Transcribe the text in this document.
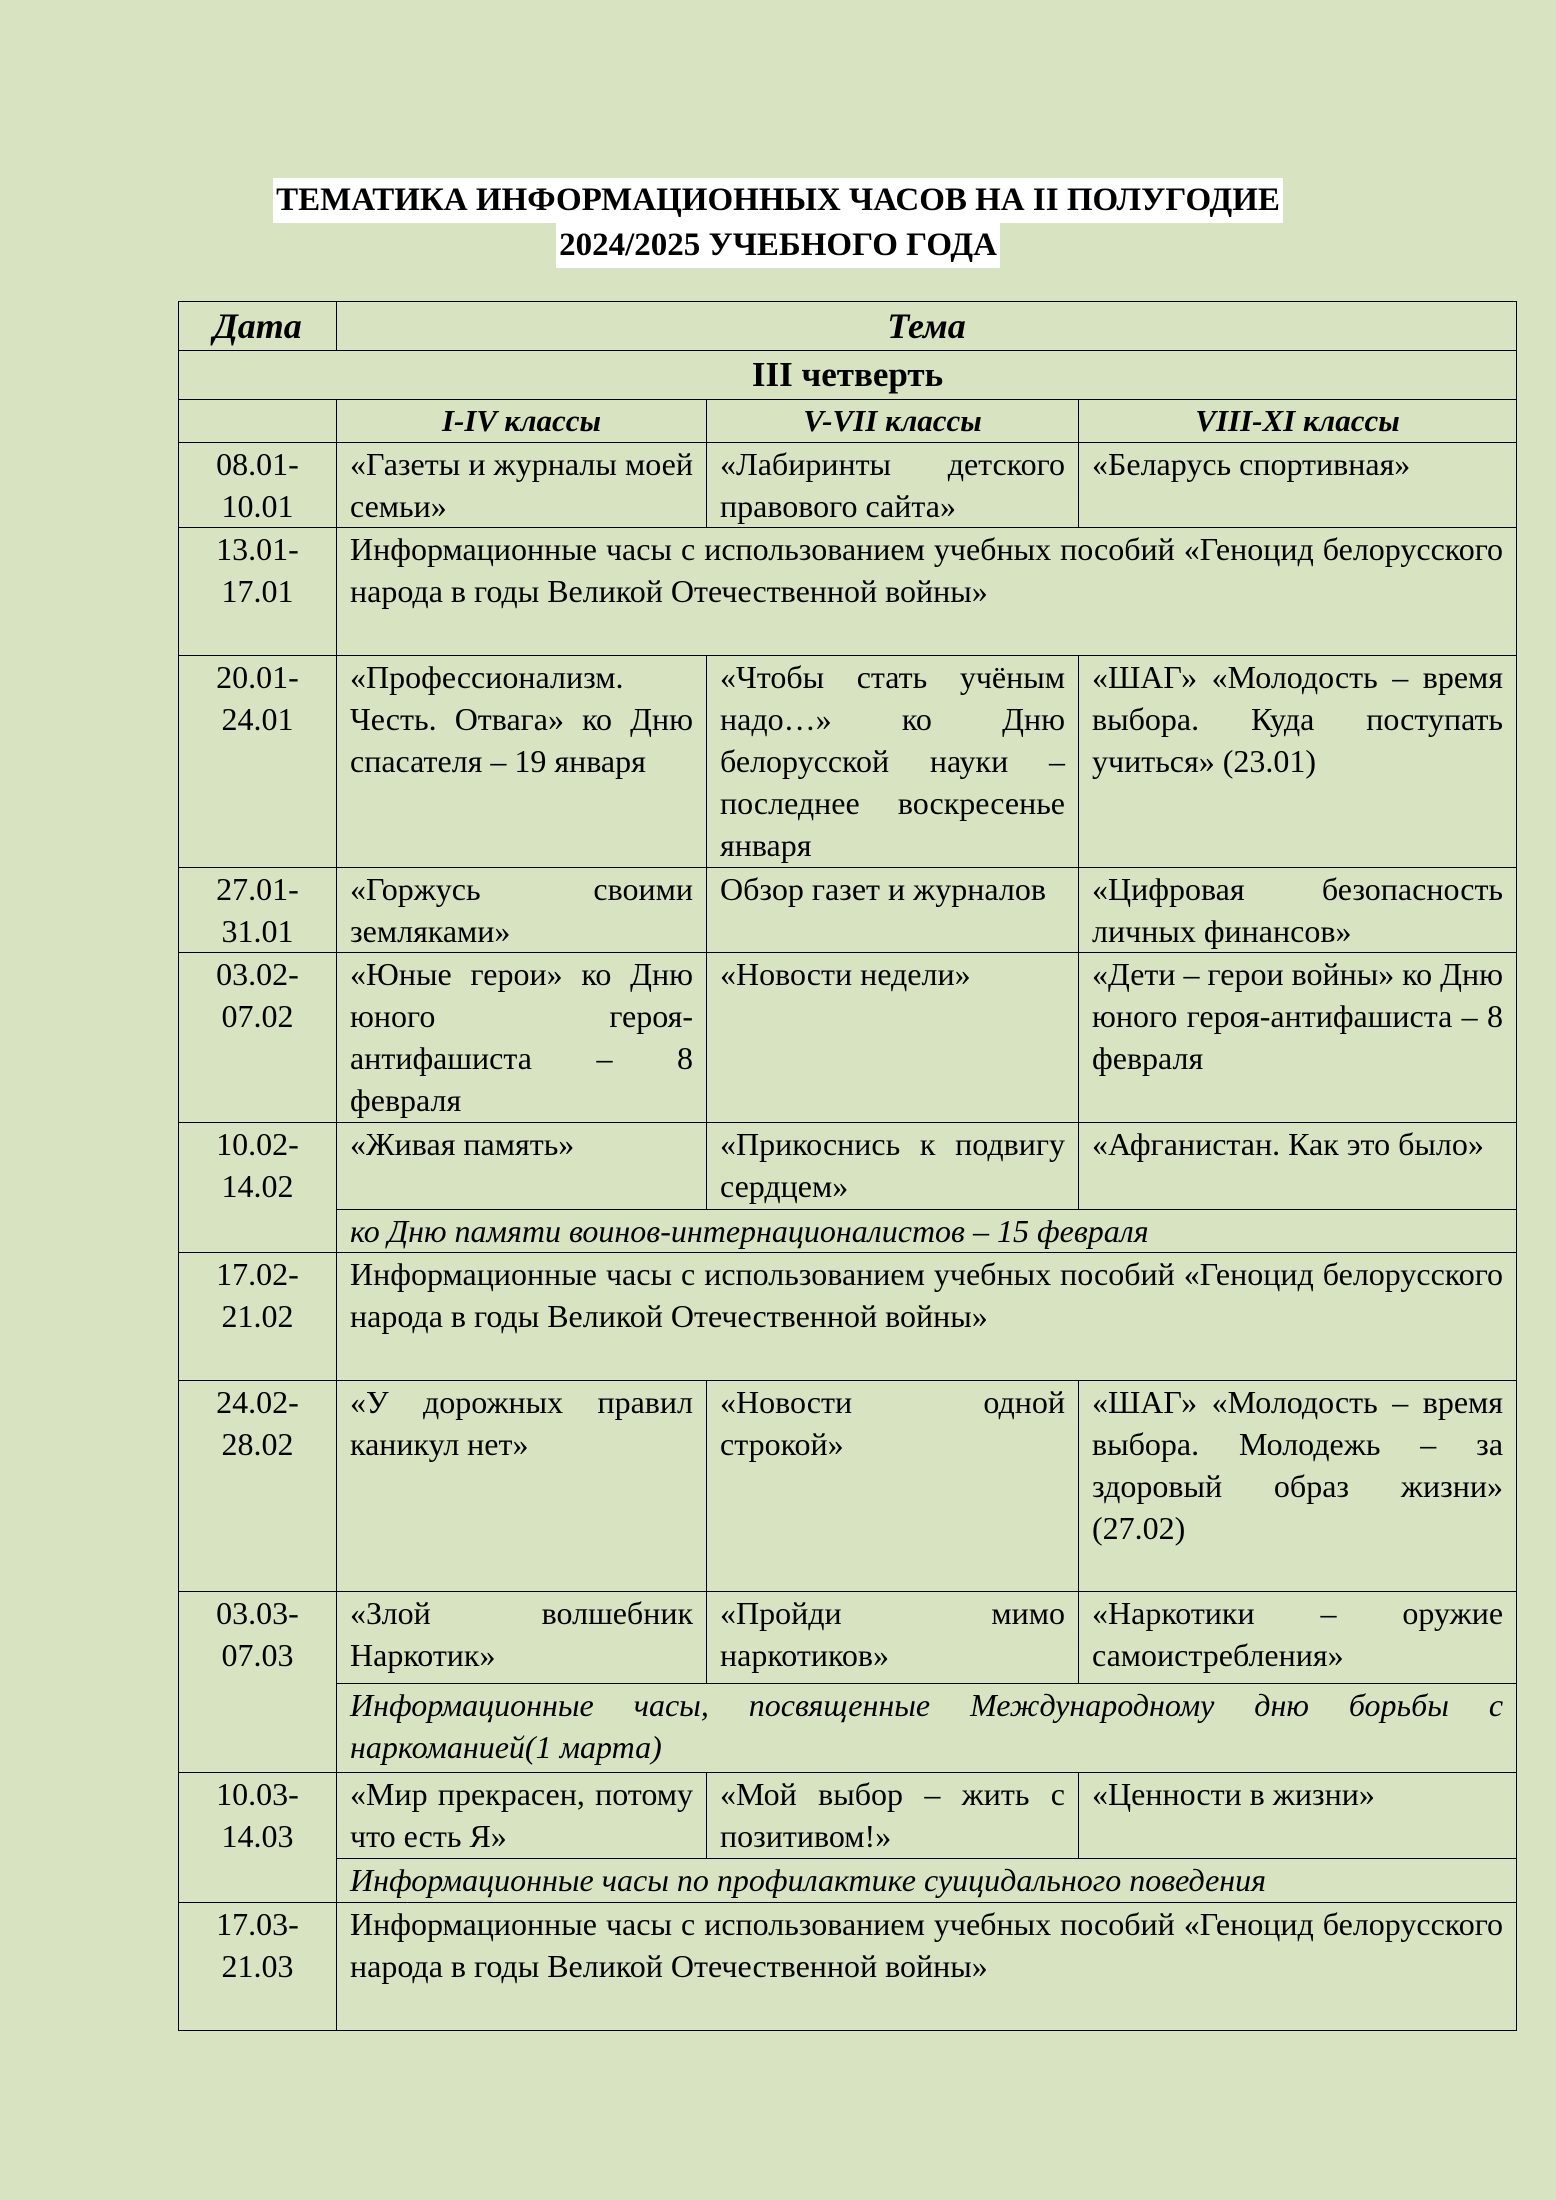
ТЕМАТИКА ИНФОРМАЦИОННЫХ ЧАСОВ НА II ПОЛУГОДИЕ
2024/2025 УЧЕБНОГО ГОДА
Дата	Тема		
III четверть			
	I-IV классы	V-VII классы	VIII-XI классы
08.01-10.01	«Газеты и журналы моей семьи»	«Лабиринты детского правового сайта»	«Беларусь спортивная»
13.01-17.01	Информационные часы с использованием учебных пособий «Геноцид белорусского народа в годы Великой Отечественной войны»		
20.01-24.01	«Профессионализм. Честь. Отвага» ко Дню спасателя – 19 января	«Чтобы стать учёным надо…» ко Дню белорусской науки – последнее воскресенье января	«ШАГ» «Молодость – время выбора. Куда поступать учиться» (23.01)
27.01-31.01	«Горжусь своими земляками»	Обзор газет и журналов	«Цифровая безопасность личных финансов»
03.02-07.02	«Юные герои» ко Дню юного героя-антифашиста – 8 февраля	«Новости недели»	«Дети – герои войны» ко Дню юного героя-антифашиста – 8 февраля
10.02-14.02	«Живая память»	«Прикоснись к подвигу сердцем»	«Афганистан. Как это было»
	ко Дню памяти воинов-интернационалистов – 15 февраля		
17.02-21.02	Информационные часы с использованием учебных пособий «Геноцид белорусского народа в годы Великой Отечественной войны»		
24.02-28.02	«У дорожных правил каникул нет»	«Новости одной строкой»	«ШАГ» «Молодость – время выбора. Молодежь – за здоровый образ жизни» (27.02)
03.03-07.03	«Злой волшебник Наркотик»	«Пройди мимо наркотиков»	«Наркотики – оружие самоистребления»
	Информационные часы, посвященные Международному дню борьбы с наркоманией(1 марта)		
10.03-14.03	«Мир прекрасен, потому что есть Я»	«Мой выбор – жить с позитивом!»	«Ценности в жизни»
	Информационные часы по профилактике суицидального поведения		
17.03-21.03	Информационные часы с использованием учебных пособий «Геноцид белорусского народа в годы Великой Отечественной войны»		
